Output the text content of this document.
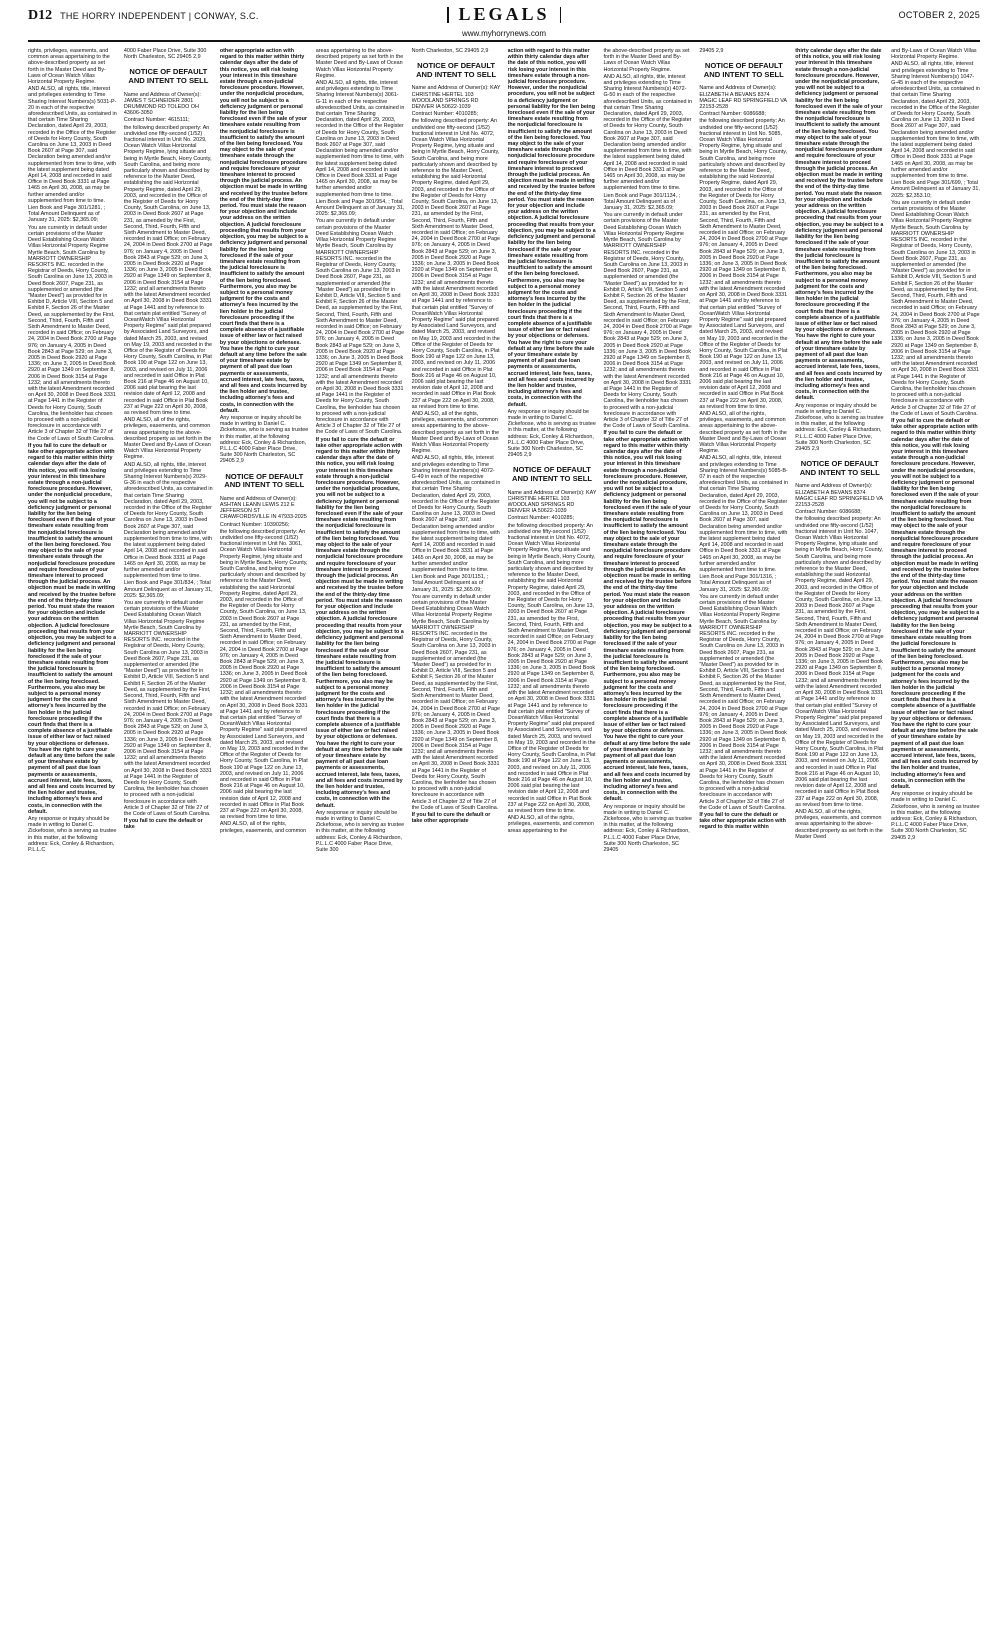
D12 THE HORRY INDEPENDENT | CONWAY, S.C.	LEGALS	OCTOBER 2, 2025
www.myhorrynews.com

rights, privileges, easements, and common areas appertaining to the above-described property as set forth in the Master Deed and By-Laws of Ocean Watch Villas Horizontal Property Regime.

AND ALSO, all rights, title, interest and privileges extending to Time Sharing Interest Numbers(s) 5031-P-20 in each of the respective aforedescribed Units, as contained in that certain Time Sharing Declaration, dated April 29, 2003, recorded in the Office of the Register of Deeds for Horry County, South Carolina on June 13, 2003 in Deed Book 2607 at Page 307, said Declaration being amended and/or supplemented from time to time, with the latest supplement being dated April 14, 2008 and recorded in said Office in Deed Book 3331 at Page 1465 on April 30, 2008, as may be further amended and/or supplemented from time to time.

Lien Book and Page 301/1281, ; Total Amount Delinquent as of January 31, 2025: $2,365.09;

You are currently in default under certain provisions of the Master Deed Establishing Ocean Watch Villas Horizontal Property Regime Myrtle Beach, South Carolina by MARRIOTT OWNERSHIP RESORTS INC. recorded in the Registrar of Deeds, Horry County, South Carolina on June 13, 2003 in Deed Book 2607, Page 231, as supplemented or amended (the "Master Deed") as provided for in Exhibit D, Article VIII, Section 5 and Exhibit F, Section 26 of the Master Deed, as supplemented by the First, Second, Third, Fourth, Fifth and Sixth Amendment to Master Deed, recorded in said Office; on February 24, 2004 in Deed Book 2700 at Page 976; on January 4, 2005 in Deed Book 2843 at Page 529; on June 3, 2005 in Deed Book 2920 at Page 1336; on June 3, 2005 in Deed Book 2920 at Page 1349 on September 8, 2006 in Deed Book 3154 at Page 1232; and all amendments thereto with the latest Amendment recorded on April 30, 2008 in Deed Book 3331 at Page 1441 in the Register of Deeds for Horry County, South Carolina, the lienholder has chosen to proceed with a non-judicial foreclosure in accordance with Article 3 of Chapter 32 of Title 27 of the Code of Laws of South Carolina.

If you fail to cure the default or take other appropriate action with regard to this matter within thirty calendar days after the date of this notice, you will risk losing your interest in this timeshare estate through a non-judicial foreclosure procedure. However, under the nonjudicial procedure, you will not be subject to a deficiency judgment or personal liability for the lien being foreclosed even if the sale of your timeshare estate resulting from the nonjudicial foreclosure is insufficient to satisfy the amount of the lien being foreclosed. You may object to the sale of your timeshare estate through the nonjudicial foreclosure procedure and require foreclosure of your timeshare interest to proceed through the judicial process. An objection must be made in writing and received by the trustee before the end of the thirty-day time period. You must state the reason for your objection and include your address on the written objection. A judicial foreclosure proceeding that results from your objection, you may be subject to a deficiency judgment and personal liability for the lien being foreclosed if the sale of your timeshare estate resulting from the judicial foreclosure is insufficient to satisfy the amount of the lien being foreclosed. Furthermore, you also may be subject to a personal money judgment for the costs and attorney's fees incurred by the lien holder in the judicial foreclosure proceeding if the court finds that there is a complete absence of a justifiable issue of either law or fact raised by your objections or defenses. You have the right to cure your default at any time before the sale of your timeshare estate by payment of all past due loan payments or assessments, accrued interest, late fees, taxes, and all fees and costs incurred by the lien holder and trustee, including attorney's fees and costs, in connection with the default.

Any response or inquiry should be made in writing to Daniel C. Zickefoose, who is serving as trustee in this matter, at the following address: Eck, Conley & Richardson, P.L.L.C

4000 Faber Place Drive, Suite 300 North Charleston, SC 29405 2,9

NOTICE OF DEFAULT AND INTENT TO SELL

Name and Address of Owner(s): JAMES T SCHNEIDER 2801 DRUMMOND RD TOLEDO OH 43606-3050

Contract Number: 4615111;

the following described property: An undivided one fifty-second (1/52) fractional interest in Unit No. 2029, Ocean Watch Villas Horizontal Property Regime, lying situate and being in Myrtle Beach, Horry County, South Carolina, and being more particularly shown and described by reference to the Master Deed, establishing the said Horizontal Property Regime, dated April 29, 2003, and recorded in the Office of the Register of Deeds for Horry County, South Carolina, on June 13, 2003 in Deed Book 2607 at Page 231, as amended by the First, Second, Third, Fourth, Fifth and Sixth Amendment to Master Deed, recorded in said Office; on February 24, 2004 in Deed Book 2700 at Page 976; on January 4, 2005 in Deed Book 2843 at Page 529; on June 3, 2005 in Deed Book 2920 at Page 1336; on June 3, 2005 in Deed Book 2920 at Page 1349 on September 8, 2006 in Deed Book 3154 at Page 1232; and all amendments thereto with the latest Amendment recorded on April 30, 2008 in Deed Book 3331 at Page 1441 and by reference to that certain plat entitled "Survey of OceanWatch Villas Horizontal Property Regime" said plat prepared by Associated Land Surveyors, and dated March 25, 2003, and revised on May 19, 2003 and recorded in the Office of the Register of Deeds for Horry County, South Carolina, in Plat Book 190 at Page 122 on June 13, 2003, and revised on July 11, 2006 and recorded in said Office in Plat Book 216 at Page 46 on August 10, 2006 said plat bearing the last revision date of April 12, 2008 and recorded in said Office in Plat Book 237 at Page 222 on April 30, 2008, as revised from time to time.

AND ALSO, all of the rights, privileges, easements, and common areas appertaining to the above-described property as set forth in the Master Deed and By-Laws of Ocean Watch Villas Horizontal Property Regime.

AND ALSO, all rights, title, interest and privileges extending to Time Sharing Interest Numbers(s) 2029-G-36 in each of the respective aforedescribed Units, as contained in that certain Time Sharing Declaration, dated April 29, 2003, recorded in the Office of the Register of Deeds for Horry County, South Carolina on June 13, 2003 in Deed Book 2607 at Page 307, said Declaration being amended and/or supplemented from time to time, with the latest supplement being dated April 14, 2008 and recorded in said Office in Deed Book 3331 at Page 1465 on April 30, 2008, as may be further amended and/or supplemented from time to time.

Lien Book and Page 301/834, ; Total Amount Delinquent as of January 31, 2025: $2,365.09;

You are currently in default under certain provisions of the Master Deed Establishing Ocean Watch Villas Horizontal Property Regime Myrtle Beach, South Carolina by MARRIOTT OWNERSHIP RESORTS INC. recorded in the Registrar of Deeds, Horry County, South Carolina on June 13, 2003 in Deed Book 2607, Page 231, as supplemented or amended (the "Master Deed") as provided for in Exhibit D, Article VIII, Section 5 and Exhibit F, Section 26 of the Master Deed, as supplemented by the First, Second, Third, Fourth, Fifth and Sixth Amendment to Master Deed, recorded in said Office; on February 24, 2004 in Deed Book 2700 at Page 976; on January 4, 2005 in Deed Book 2843 at Page 529; on June 3, 2005 in Deed Book 2920 at Page 1336; on June 3, 2005 in Deed Book 2920 at Page 1349 on September 8, 2006 in Deed Book 3154 at Page 1232; and all amendments thereto with the latest Amendment recorded on April 30, 2008 in Deed Book 3331 at Page 1441 in the Register of Deeds for Horry County, South Carolina, the lienholder has chosen to proceed with a non-judicial foreclosure in accordance with Article 3 of Chapter 32 of Title 27 of the Code of Laws of South Carolina.

If you fail to cure the default or take

other appropriate action with regard to this matter within thirty calendar days after the date of this notice, you will risk losing your interest in this timeshare estate through a non-judicial foreclosure procedure. However, under the nonjudicial procedure, you will not be subject to a deficiency judgment or personal liability for the lien being foreclosed even if the sale of your timeshare estate resulting from the nonjudicial foreclosure is insufficient to satisfy the amount of the lien being foreclosed. You may object to the sale of your timeshare estate through the nonjudicial foreclosure procedure and require foreclosure of your timeshare interest to proceed through the judicial process. An objection must be made in writing and received by the trustee before the end of the thirty-day time period. You must state the reason for your objection and include your address on the written objection. A judicial foreclosure proceeding that results from your objection, you may be subject to a deficiency judgment and personal liability for the lien being foreclosed if the sale of your timeshare estate resulting from the judicial foreclosure is insufficient to satisfy the amount of the lien being foreclosed. Furthermore, you also may be subject to a personal money judgment for the costs and attorney's fees incurred by the lien holder in the judicial foreclosure proceeding if the court finds that there is a complete absence of a justifiable issue of either law or fact raised by your objections or defenses. You have the right to cure your default at any time before the sale of your timeshare estate by payment of all past due loan payments or assessments, accrued interest, late fees, taxes, and all fees and costs incurred by the lien holder and trustee, including attorney's fees and costs, in connection with the default.

Any response or inquiry should be made in writing to Daniel C. Zickefoose, who is serving as trustee in this matter, at the following address: Eck, Conley & Richardson, P.L.L.C 4000 Faber Place Drive, Suite 300 North Charleston, SC 29405 2,9

NOTICE OF DEFAULT AND INTENT TO SELL

Name and Address of Owner(s): ASHTAN LEANN LEWIS 212 E JEFFERSON ST CRAWFORDSVILLE IN 47933-2025

Contract Number: 10390256;

the following described property: An undivided one fifty-second (1/52) fractional interest in Unit No. 3061, Ocean Watch Villas Horizontal Property Regime, lying situate and being in Myrtle Beach, Horry County, South Carolina, and being more particularly shown and described by reference to the Master Deed, establishing the said Horizontal Property Regime, dated April 29, 2003, and recorded in the Office of the Register of Deeds for Horry County, South Carolina, on June 13, 2003 in Deed Book 2607 at Page 231, as amended by the First, Second, Third, Fourth, Fifth and Sixth Amendment to Master Deed, recorded in said Office; on February 24, 2004 in Deed Book 2700 at Page 976; on January 4, 2005 in Deed Book 2843 at Page 529; on June 3, 2005 in Deed Book 2920 at Page 1336; on June 3, 2005 in Deed Book 2920 at Page 1349 on September 8, 2006 in Deed Book 3154 at Page 1232; and all amendments thereto with the latest Amendment recorded on April 30, 2008 in Deed Book 3331 at Page 1441 and by reference to that certain plat entitled "Survey of OceanWatch Villas Horizontal Property Regime" said plat prepared by Associated Land Surveyors, and dated March 25, 2003, and revised on May 19, 2003 and recorded in the Office of the Register of Deeds for Horry County, South Carolina, in Plat Book 190 at Page 122 on June 13, 2003, and revised on July 11, 2006 and recorded in said Office in Plat Book 216 at Page 46 on August 10, 2006 said plat bearing the last revision date of April 12, 2008 and recorded in said Office in Plat Book 237 at Page 222 on April 30, 2008, as revised from time to time.

AND ALSO, all of the rights, privileges, easements, and common

areas appertaining to the above-described property as set forth in the Master Deed and By-Laws of Ocean Watch Villas Horizontal Property Regime.

AND ALSO, all rights, title, interest and privileges extending to Time Sharing Interest Numbers(s) 3061-G-11 in each of the respective aforedescribed Units, as contained in that certain Time Sharing Declaration, dated April 29, 2003, recorded in the Office of the Register of Deeds for Horry County, South Carolina on June 13, 2003 in Deed Book 2607 at Page 307, said Declaration being amended and/or supplemented from time to time, with the latest supplement being dated April 14, 2008 and recorded in said Office in Deed Book 3331 at Page 1465 on April 30, 2008, as may be further amended and/or supplemented from time to time.

Lien Book and Page 301/954, ; Total Amount Delinquent as of January 31, 2025: $2,365.09;

You are currently in default under certain provisions of the Master Deed Establishing Ocean Watch Villas Horizontal Property Regime Myrtle Beach, South Carolina by MARRIOTT OWNERSHIP RESORTS INC. recorded in the Registrar of Deeds, Horry County, South Carolina on June 13, 2003 in Deed Book 2607, Page 231, as supplemented or amended (the "Master Deed") as provided for in Exhibit D, Article VIII, Section 5 and Exhibit F, Section 26 of the Master Deed, as supplemented by the First, Second, Third, Fourth, Fifth and Sixth Amendment to Master Deed, recorded in said Office; on February 24, 2004 in Deed Book 2700 at Page 976; on January 4, 2005 in Deed Book 2843 at Page 529; on June 3, 2005 in Deed Book 2920 at Page 1336; on June 3, 2005 in Deed Book 2920 at Page 1349 on September 8, 2006 in Deed Book 3154 at Page 1232; and all amendments thereto with the latest Amendment recorded on April 30, 2008 in Deed Book 3331 at Page 1441 in the Register of Deeds for Horry County, South Carolina, the lienholder has chosen to proceed with a non-judicial foreclosure in accordance with Article 3 of Chapter 32 of Title 27 of the Code of Laws of South Carolina.

If you fail to cure the default or take other appropriate action with regard to this matter within thirty calendar days after the date of this notice, you will risk losing your interest in this timeshare estate through a non-judicial foreclosure procedure. However, under the nonjudicial procedure, you will not be subject to a deficiency judgment or personal liability for the lien being foreclosed even if the sale of your timeshare estate resulting from the nonjudicial foreclosure is insufficient to satisfy the amount of the lien being foreclosed. You may object to the sale of your timeshare estate through the nonjudicial foreclosure procedure and require foreclosure of your timeshare interest to proceed through the judicial process. An objection must be made in writing and received by the trustee before the end of the thirty-day time period. You must state the reason for your objection and include your address on the written objection. A judicial foreclosure proceeding that results from your objection, you may be subject to a deficiency judgment and personal liability for the lien being foreclosed if the sale of your timeshare estate resulting from the judicial foreclosure is insufficient to satisfy the amount of the lien being foreclosed. Furthermore, you also may be subject to a personal money judgment for the costs and attorney's fees incurred by the lien holder in the judicial foreclosure proceeding if the court finds that there is a complete absence of a justifiable issue of either law or fact raised by your objections or defenses. You have the right to cure your default at any time before the sale of your timeshare estate by payment of all past due loan payments or assessments, accrued interest, late fees, taxes, and all fees and costs incurred by the lien holder and trustee, including attorney's fees and costs, in connection with the default.

Any response or inquiry should be made in writing to Daniel C. Zickefoose, who is serving as trustee in this matter, at the following address: Eck, Conley & Richardson, P.L.L.C 4000 Faber Place Drive, Suite 300

North Charleston, SC 29405 2,9

NOTICE OF DEFAULT AND INTENT TO SELL

Name and Address of Owner(s): KAY CHRISTINE HERTEL 103 WOODLAND SPRINGS RD DENVER IA 50622-1039

Contract Number: 4010285;

the following described property: An undivided one fifty-second (1/52) fractional interest in Unit No. 4072, Ocean Watch Villas Horizontal Property Regime, lying situate and being in Myrtle Beach, Horry County, South Carolina, and being more particularly shown and described by reference to the Master Deed, establishing the said Horizontal Property Regime, dated April 29, 2003, and recorded in the Office of the Register of Deeds for Horry County, South Carolina, on June 13, 2003 in Deed Book 2607 at Page 231, as amended by the First, Second, Third, Fourth, Fifth and Sixth Amendment to Master Deed, recorded in said Office; on February 24, 2004 in Deed Book 2700 at Page 976; on January 4, 2005 in Deed Book 2843 at Page 529; on June 3, 2005 in Deed Book 2920 at Page 1336; on June 3, 2005 in Deed Book 2920 at Page 1349 on September 8, 2006 in Deed Book 3154 at Page 1232; and all amendments thereto with the latest Amendment recorded on April 30, 2008 in Deed Book 3331 at Page 1441 and by reference to that certain plat entitled "Survey of OceanWatch Villas Horizontal Property Regime" said plat prepared by Associated Land Surveyors, and dated March 25, 2003, and revised on May 19, 2003 and recorded in the Office of the Register of Deeds for Horry County, South Carolina, in Plat Book 190 at Page 122 on June 13, 2003, and revised on July 11, 2006 and recorded in said Office in Plat Book 216 at Page 46 on August 10, 2006 said plat bearing the last revision date of April 12, 2008 and recorded in said Office in Plat Book 237 at Page 222 on April 30, 2008, as revised from time to time.

AND ALSO, all of the rights, privileges, easements, and common areas appertaining to the above-described property as set forth in the Master Deed and By-Laws of Ocean Watch Villas Horizontal Property Regime.

AND ALSO, all rights, title, interest and privileges extending to Time Sharing Interest Numbers(s) 4072-G-49 in each of the respective aforedescribed Units, as contained in that certain Time Sharing Declaration, dated April 29, 2003, recorded in the Office of the Register of Deeds for Horry County, South Carolina on June 13, 2003 in Deed Book 2607 at Page 307, said Declaration being amended and/or supplemented from time to time, with the latest supplement being dated April 14, 2008 and recorded in said Office in Deed Book 3331 at Page 1465 on April 30, 2008, as may be further amended and/or supplemented from time to time.

Lien Book and Page 301/1151, ; Total Amount Delinquent as of January 31, 2025: $2,365.09;

You are currently in default under certain provisions of the Master Deed Establishing Ocean Watch Villas Horizontal Property Regime Myrtle Beach, South Carolina by MARRIOTT OWNERSHIP RESORTS INC. recorded in the Registrar of Deeds, Horry County, South Carolina on June 13, 2003 in Deed Book 2607, Page 231, as supplemented or amended (the "Master Deed") as provided for in Exhibit D, Article VIII, Section 5 and Exhibit F, Section 26 of the Master Deed, as supplemented by the First, Second, Third, Fourth, Fifth and Sixth Amendment to Master Deed, recorded in said Office; on February 24, 2004 in Deed Book 2700 at Page 976; on January 4, 2005 in Deed Book 2843 at Page 529; on June 3, 2005 in Deed Book 2920 at Page 1336; on June 3, 2005 in Deed Book 2920 at Page 1349 on September 8, 2006 in Deed Book 3154 at Page 1232; and all amendments thereto with the latest Amendment recorded on April 30, 2008 in Deed Book 3331 at Page 1441 in the Register of Deeds for Horry County, South Carolina, the lienholder has chosen to proceed with a non-judicial foreclosure in accordance with Article 3 of Chapter 32 of Title 27 of the Code of Laws of South Carolina.

If you fail to cure the default or take other appropriate

action with regard to this matter within thirty calendar days after the date of this notice, you will risk losing your interest in this timeshare estate through a non-judicial foreclosure procedure. However, under the nonjudicial procedure, you will not be subject to a deficiency judgment or personal liability for the lien being foreclosed even if the sale of your timeshare estate resulting from the nonjudicial foreclosure is insufficient to satisfy the amount of the lien being foreclosed. You may object to the sale of your timeshare estate through the nonjudicial foreclosure procedure and require foreclosure of your timeshare interest to proceed through the judicial process. An objection must be made in writing and received by the trustee before the end of the thirty-day time period. You must state the reason for your objection and include your address on the written objection. A judicial foreclosure proceeding that results from your objection, you may be subject to a deficiency judgment and personal liability for the lien being foreclosed if the sale of your timeshare estate resulting from the judicial foreclosure is insufficient to satisfy the amount of the lien being foreclosed. Furthermore, you also may be subject to a personal money judgment for the costs and attorney's fees incurred by the lien holder in the judicial foreclosure proceeding if the court finds that there is a complete absence of a justifiable issue of either law or fact raised by your objections or defenses. You have the right to cure your default at any time before the sale of your timeshare estate by payment of all past due loan payments or assessments, accrued interest, late fees, taxes, and all fees and costs incurred by the lien holder and trustee, including attorney's fees and costs, in connection with the default.

Any response or inquiry should be made in writing to Daniel C. Zickefoose, who is serving as trustee in this matter, at the following address: Eck, Conley & Richardson, P.L.L.C 4000 Faber Place Drive, Suite 300 North Charleston, SC 29405 2,9

NOTICE OF DEFAULT AND INTENT TO SELL

Name and Address of Owner(s): KAY CHRISTINE HERTEL 103 WOODLAND SPRINGS RD DENVER IA 50622-1039

Contract Number: 4010285;

the following described property: An undivided one fifty-second (1/52) fractional interest in Unit No. 4072, Ocean Watch Villas Horizontal Property Regime, lying situate and being in Myrtle Beach, Horry County, South Carolina, and being more particularly shown and described by reference to the Master Deed, establishing the said Horizontal Property Regime, dated April 29, 2003, and recorded in the Office of the Register of Deeds for Horry County, South Carolina, on June 13, 2003 in Deed Book 2607 at Page 231, as amended by the First, Second, Third, Fourth, Fifth and Sixth Amendment to Master Deed, recorded in said Office; on February 24, 2004 in Deed Book 2700 at Page 976; on January 4, 2005 in Deed Book 2843 at Page 529; on June 3, 2005 in Deed Book 2920 at Page 1336; on June 3, 2005 in Deed Book 2920 at Page 1349 on September 8, 2006 in Deed Book 3154 at Page 1232; and all amendments thereto with the latest Amendment recorded on April 30, 2008 in Deed Book 3331 at Page 1441 and by reference to that certain plat entitled "Survey of OceanWatch Villas Horizontal Property Regime" said plat prepared by Associated Land Surveyors, and dated March 25, 2003, and revised on May 19, 2003 and recorded in the Office of the Register of Deeds for Horry County, South Carolina, in Plat Book 190 at Page 122 on June 13, 2003, and revised on July 11, 2006 and recorded in said Office in Plat Book 216 at Page 46 on August 10, 2006 said plat bearing the last revision date of April 12, 2008 and recorded in said Office in Plat Book 237 at Page 222 on April 30, 2008, as revised from time to time.

AND ALSO, all of the rights, privileges, easements, and common areas appertaining to the

the above-described property as set forth in the Master Deed and By-Laws of Ocean Watch Villas Horizontal Property Regime.

AND ALSO, all rights, title, interest and privileges extending to Time Sharing Interest Numbers(s) 4072-G-50 in each of the respective aforedescribed Units, as contained in that certain Time Sharing Declaration, dated April 29, 2003, recorded in the Office of the Register of Deeds for Horry County, South Carolina on June 13, 2003 in Deed Book 2607 at Page 307, said Declaration being amended and/or supplemented from time to time, with the latest supplement being dated April 14, 2008 and recorded in said Office in Deed Book 3331 at Page 1465 on April 30, 2008, as may be further amended and/or supplemented from time to time.

Lien Book and Page 301/1134, ; Total Amount Delinquent as of January 31, 2025: $2,365.09;

You are currently in default under certain provisions of the Master Deed Establishing Ocean Watch Villas Horizontal Property Regime Myrtle Beach, South Carolina by MARRIOTT OWNERSHIP RESORTS INC. recorded in the Registrar of Deeds, Horry County, South Carolina on June 13, 2003 in Deed Book 2607, Page 231, as supplemented or amended (the "Master Deed") as provided for in Exhibit D, Article VIII, Section 5 and Exhibit F, Section 26 of the Master Deed, as supplemented by the First, Second, Third, Fourth, Fifth and Sixth Amendment to Master Deed, recorded in said Office; on February 24, 2004 in Deed Book 2700 at Page 976; on January 4, 2005 in Deed Book 2843 at Page 529; on June 3, 2005 in Deed Book 2920 at Page 1336; on June 3, 2005 in Deed Book 2920 at Page 1349 on September 8, 2006 in Deed Book 3154 at Page 1232; and all amendments thereto with the latest Amendment recorded on April 30, 2008 in Deed Book 3331 at Page 1441 in the Register of Deeds for Horry County, South Carolina, the lienholder has chosen to proceed with a non-judicial foreclosure in accordance with Article 3 of Chapter 32 of Title 27 of the Code of Laws of South Carolina.

If you fail to cure the default or take other appropriate action with regard to this matter within thirty calendar days after the date of this notice, you will risk losing your interest in this timeshare estate through a non-judicial foreclosure procedure. However, under the nonjudicial procedure, you will not be subject to a deficiency judgment or personal liability for the lien being foreclosed even if the sale of your timeshare estate resulting from the nonjudicial foreclosure is insufficient to satisfy the amount of the lien being foreclosed. You may object to the sale of your timeshare estate through the nonjudicial foreclosure procedure and require foreclosure of your timeshare interest to proceed through the judicial process. An objection must be made in writing and received by the trustee before the end of the thirty-day time period. You must state the reason for your objection and include your address on the written objection. A judicial foreclosure proceeding that results from your objection, you may be subject to a deficiency judgment and personal liability for the lien being foreclosed if the sale of your timeshare estate resulting from the judicial foreclosure is insufficient to satisfy the amount of the lien being foreclosed. Furthermore, you also may be subject to a personal money judgment for the costs and attorney's fees incurred by the lien holder in the judicial foreclosure proceeding if the court finds that there is a complete absence of a justifiable issue of either law or fact raised by your objections or defenses. You have the right to cure your default at any time before the sale of your timeshare estate by payment of all past due loan payments or assessments, accrued interest, late fees, taxes, and all fees and costs incurred by the lien holder and trustee, including attorney's fees and costs, in connection with the default.

Any response or inquiry should be made in writing to Daniel C. Zickefoose, who is serving as trustee in this matter, at the following address: Eck, Conley & Richardson, P.L.L.C 4000 Faber Place Drive, Suite 300 North Charleston, SC 29405

29405 2,9

NOTICE OF DEFAULT AND INTENT TO SELL

Name and Address of Owner(s): ELIZABETH A BEVANS 8374 MAGIC LEAF RD SPRINGFIELD VA 22153-2528

Contract Number: 6086688;

the following described property: An undivided one fifty-second (1/52) fractional interest in Unit No. 5085, Ocean Watch Villas Horizontal Property Regime, lying situate and being in Myrtle Beach, Horry County, South Carolina, and being more particularly shown and described by reference to the Master Deed, establishing the said Horizontal Property Regime, dated April 29, 2003, and recorded in the Office of the Register of Deeds for Horry County, South Carolina, on June 13, 2003 in Deed Book 2607 at Page 231, as amended by the First, Second, Third, Fourth, Fifth and Sixth Amendment to Master Deed, recorded in said Office; on February 24, 2004 in Deed Book 2700 at Page 976; on January 4, 2005 in Deed Book 2843 at Page 529; on June 3, 2005 in Deed Book 2920 at Page 1336; on June 3, 2005 in Deed Book 2920 at Page 1349 on September 8, 2006 in Deed Book 3154 at Page 1232; and all amendments thereto with the latest Amendment recorded on April 30, 2008 in Deed Book 3331 at Page 1441 and by reference to that certain plat entitled "Survey of OceanWatch Villas Horizontal Property Regime" said plat prepared by Associated Land Surveyors, and dated March 25, 2003, and revised on May 19, 2003 and recorded in the Office of the Register of Deeds for Horry County, South Carolina, in Plat Book 190 at Page 122 on June 13, 2003, and revised on July 11, 2006 and recorded in said Office in Plat Book 216 at Page 46 on August 10, 2006 said plat bearing the last revision date of April 12, 2008 and recorded in said Office in Plat Book 237 at Page 222 on April 30, 2008, as revised from time to time.

AND ALSO, all of the rights, privileges, easements, and common areas appertaining to the above-described property as set forth in the Master Deed and By-Laws of Ocean Watch Villas Horizontal Property Regime.

AND ALSO, all rights, title, interest and privileges extending to Time Sharing Interest Numbers(s) 5085-B-07 in each of the respective aforedescribed Units, as contained in that certain Time Sharing Declaration, dated April 29, 2003, recorded in the Office of the Register of Deeds for Horry County, South Carolina on June 13, 2003 in Deed Book 2607 at Page 307, said Declaration being amended and/or supplemented from time to time, with the latest supplement being dated April 14, 2008 and recorded in said Office in Deed Book 3331 at Page 1465 on April 30, 2008, as may be further amended and/or supplemented from time to time.

Lien Book and Page 301/1316, ; Total Amount Delinquent as of January 31, 2025: $2,365.09;

You are currently in default under certain provisions of the Master Deed Establishing Ocean Watch Villas Horizontal Property Regime Myrtle Beach, South Carolina by MARRIOTT OWNERSHIP RESORTS INC. recorded in the Registrar of Deeds, Horry County, South Carolina on June 13, 2003 in Deed Book 2607, Page 231, as supplemented or amended (the "Master Deed") as provided for in Exhibit D, Article VIII, Section 5 and Exhibit F, Section 26 of the Master Deed, as supplemented by the First, Second, Third, Fourth, Fifth and Sixth Amendment to Master Deed, recorded in said Office; on February 24, 2004 in Deed Book 2700 at Page 976; on January 4, 2005 in Deed Book 2843 at Page 529; on June 3, 2005 in Deed Book 2920 at Page 1336; on June 3, 2005 in Deed Book 2920 at Page 1349 on September 8, 2006 in Deed Book 3154 at Page 1232; and all amendments thereto with the latest Amendment recorded on April 30, 2008 in Deed Book 3331 at Page 1441 in the Register of Deeds for Horry County, South Carolina, the lienholder has chosen to proceed with a non-judicial foreclosure in accordance with Article 3 of Chapter 32 of Title 27 of the Code of Laws of South Carolina.

If you fail to cure the default or take other appropriate action with regard to this matter within

thirty calendar days after the date of this notice, you will risk losing your interest in this timeshare estate through a non-judicial foreclosure procedure. However, under the nonjudicial procedure, you will not be subject to a deficiency judgment or personal liability for the lien being foreclosed even if the sale of your timeshare estate resulting from the nonjudicial foreclosure is insufficient to satisfy the amount of the lien being foreclosed. You may object to the sale of your timeshare estate through the nonjudicial foreclosure procedure and require foreclosure of your timeshare interest to proceed through the judicial process. An objection must be made in writing and received by the trustee before the end of the thirty-day time period. You must state the reason for your objection and include your address on the written objection. A judicial foreclosure proceeding that results from your objection, you may be subject to a deficiency judgment and personal liability for the lien being foreclosed if the sale of your timeshare estate resulting from the judicial foreclosure is insufficient to satisfy the amount of the lien being foreclosed. Furthermore, you also may be subject to a personal money judgment for the costs and attorney's fees incurred by the lien holder in the judicial foreclosure proceeding if the court finds that there is a complete absence of a justifiable issue of either law or fact raised by your objections or defenses. You have the right to cure your default at any time before the sale of your timeshare estate by payment of all past due loan payments or assessments, accrued interest, late fees, taxes, and all fees and costs incurred by the lien holder and trustee, including attorney's fees and costs, in connection with the default.

Any response or inquiry should be made in writing to Daniel C. Zickefoose, who is serving as trustee in this matter, at the following address: Eck, Conley & Richardson, P.L.L.C 4000 Faber Place Drive, Suite 300 North Charleston, SC 29405 2,9

NOTICE OF DEFAULT AND INTENT TO SELL

Name and Address of Owner(s): ELIZABETH A BEVANS 8374 MAGIC LEAF RD SPRINGFIELD VA 22153-2528

Contract Number: 6086688;

the following described property: An undivided one fifty-second (1/52) fractional interest in Unit No. 1047, Ocean Watch Villas Horizontal Property Regime, lying situate and being in Myrtle Beach, Horry County, South Carolina, and being more particularly shown and described by reference to the Master Deed, establishing the said Horizontal Property Regime, dated April 29, 2003, and recorded in the Office of the Register of Deeds for Horry County, South Carolina, on June 13, 2003 in Deed Book 2607 at Page 231, as amended by the First, Second, Third, Fourth, Fifth and Sixth Amendment to Master Deed, recorded in said Office; on February 24, 2004 in Deed Book 2700 at Page 976; on January 4, 2005 in Deed Book 2843 at Page 529; on June 3, 2005 in Deed Book 2920 at Page 1336; on June 3, 2005 in Deed Book 2920 at Page 1349 on September 8, 2006 in Deed Book 3154 at Page 1232; and all amendments thereto with the latest Amendment recorded on April 30, 2008 in Deed Book 3331 at Page 1441 and by reference to that certain plat entitled "Survey of OceanWatch Villas Horizontal Property Regime" said plat prepared by Associated Land Surveyors, and dated March 25, 2003, and revised on May 19, 2003 and recorded in the Office of the Register of Deeds for Horry County, South Carolina, in Plat Book 190 at Page 122 on June 13, 2003, and revised on July 11, 2006 and recorded in said Office in Plat Book 216 at Page 46 on August 10, 2006 said plat bearing the last revision date of April 12, 2008 and recorded in said Office in Plat Book 237 at Page 222 on April 30, 2008, as revised from time to time.

AND ALSO, all of the rights, privileges, easements, and common areas appertaining to the above-described property as set forth in the Master Deed

and By-Laws of Ocean Watch Villas Horizontal Property Regime.

AND ALSO, all rights, title, interest and privileges extending to Time Sharing Interest Numbers(s) 1047-G-45 in each of the respective aforedescribed Units, as contained in that certain Time Sharing Declaration, dated April 29, 2003, recorded in the Office of the Register of Deeds for Horry County, South Carolina on June 13, 2003 in Deed Book 2607 at Page 307, said Declaration being amended and/or supplemented from time to time, with the latest supplement being dated April 14, 2008 and recorded in said Office in Deed Book 3331 at Page 1465 on April 30, 2008, as may be further amended and/or supplemented from time to time.

Lien Book and Page 301/699, ; Total Amount Delinquent as of January 31, 2025: $2,353.10;

You are currently in default under certain provisions of the Master Deed Establishing Ocean Watch Villas Horizontal Property Regime Myrtle Beach, South Carolina by MARRIOTT OWNERSHIP RESORTS INC. recorded in the Registrar of Deeds, Horry County, South Carolina on June 13, 2003 in Deed Book 2607, Page 231, as supplemented or amended (the "Master Deed") as provided for in Exhibit D, Article VIII, Section 5 and Exhibit F, Section 26 of the Master Deed, as supplemented by the First, Second, Third, Fourth, Fifth and Sixth Amendment to Master Deed, recorded in said Office; on February 24, 2004 in Deed Book 2700 at Page 976; on January 4, 2005 in Deed Book 2843 at Page 529; on June 3, 2005 in Deed Book 2920 at Page 1336; on June 3, 2005 in Deed Book 2920 at Page 1349 on September 8, 2006 in Deed Book 3154 at Page 1232; and all amendments thereto with the latest Amendment recorded on April 30, 2008 in Deed Book 3331 at Page 1441 in the Register of Deeds for Horry County, South Carolina, the lienholder has chosen to proceed with a non-judicial foreclosure in accordance with Article 3 of Chapter 32 of Title 27 of the Code of Laws of South Carolina.

If you fail to cure the default or take other appropriate action with regard to this matter within thirty calendar days after the date of this notice, you will risk losing your interest in this timeshare estate through a non-judicial foreclosure procedure. However, under the nonjudicial procedure, you will not be subject to a deficiency judgment or personal liability for the lien being foreclosed even if the sale of your timeshare estate resulting from the nonjudicial foreclosure is insufficient to satisfy the amount of the lien being foreclosed. You may object to the sale of your timeshare estate through the nonjudicial foreclosure procedure and require foreclosure of your timeshare interest to proceed through the judicial process. An objection must be made in writing and received by the trustee before the end of the thirty-day time period. You must state the reason for your objection and include your address on the written objection. A judicial foreclosure proceeding that results from your objection, you may be subject to a deficiency judgment and personal liability for the lien being foreclosed if the sale of your timeshare estate resulting from the judicial foreclosure is insufficient to satisfy the amount of the lien being foreclosed. Furthermore, you also may be subject to a personal money judgment for the costs and attorney's fees incurred by the lien holder in the judicial foreclosure proceeding if the court finds that there is a complete absence of a justifiable issue of either law or fact raised by your objections or defenses. You have the right to cure your default at any time before the sale of your timeshare estate by payment of all past due loan payments or assessments, accrued interest, late fees, taxes, and all fees and costs incurred by the lien holder and trustee, including attorney's fees and costs, in connection with the default.

Any response or inquiry should be made in writing to Daniel C. Zickefoose, who is serving as trustee in this matter, at the following address: Eck, Conley & Richardson, P.L.L.C 4000 Faber Place Drive, Suite 300 North Charleston, SC 29405 2,9
